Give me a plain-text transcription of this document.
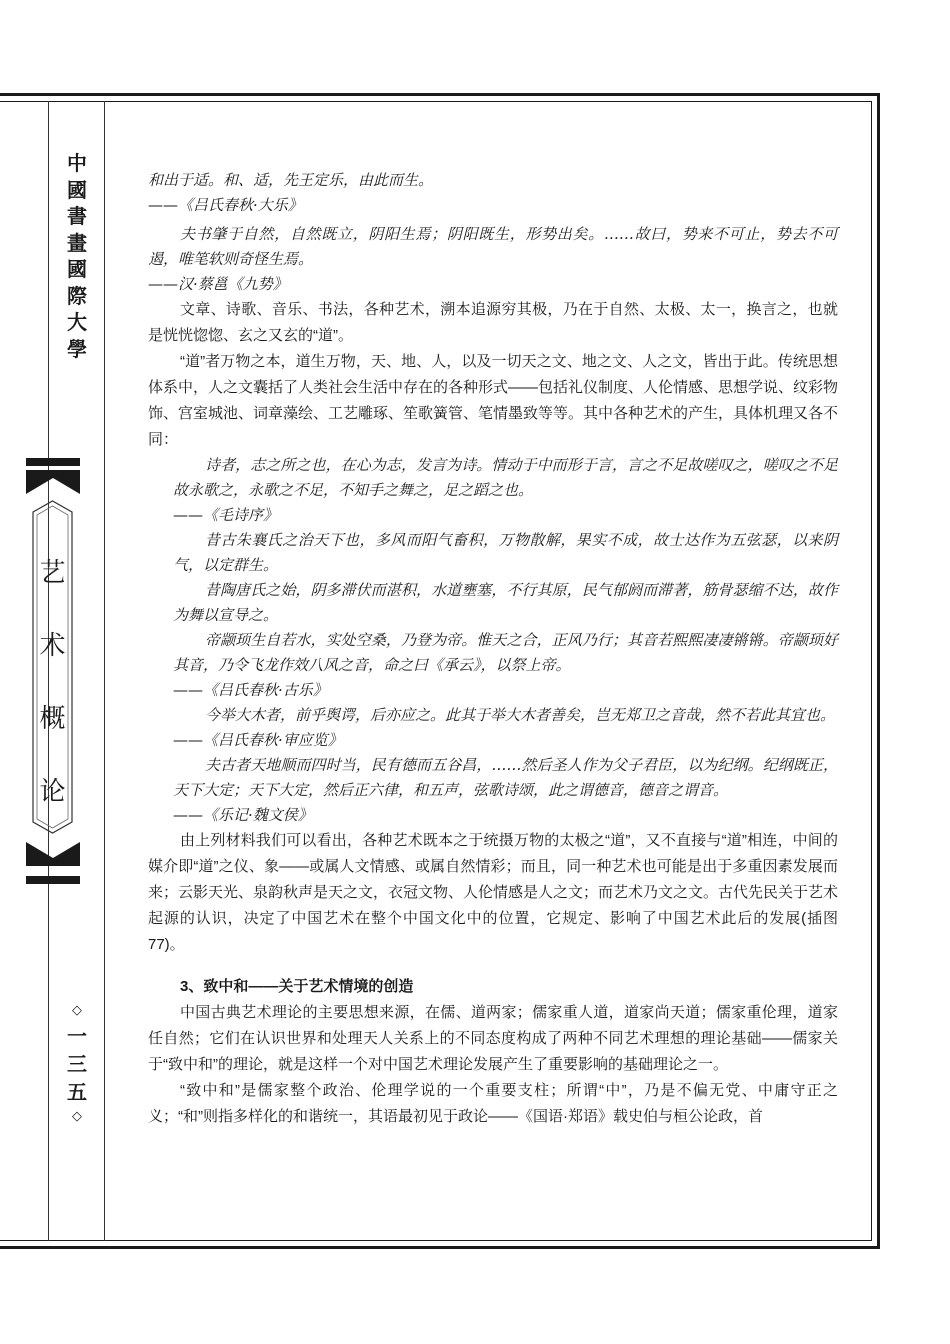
中
國
書
畫
國
際
大
學
艺
术
概
论
◇
一
三
五
◇

和出于适。和、适，先王定乐，由此而生。

——《吕氏春秋·大乐》

夫书肇于自然，自然既立，阴阳生焉；阴阳既生，形势出矣。……故曰，势来不可止，势去不可遏，唯笔软则奇怪生焉。

——汉·蔡邕《九势》

文章、诗歌、音乐、书法，各种艺术，溯本追源穷其极，乃在于自然、太极、太一，换言之，也就是恍恍惚惚、玄之又玄的“道”。

“道”者万物之本，道生万物，天、地、人，以及一切天之文、地之文、人之文，皆出于此。传统思想体系中，人之文囊括了人类社会生活中存在的各种形式——包括礼仪制度、人伦情感、思想学说、纹彩物饰、宫室城池、词章藻绘、工艺雕琢、笙歌簧管、笔情墨致等等。其中各种艺术的产生，具体机理又各不同：

诗者，志之所之也，在心为志，发言为诗。情动于中而形于言，言之不足故嗟叹之，嗟叹之不足故永歌之，永歌之不足，不知手之舞之，足之蹈之也。

——《毛诗序》

昔古朱襄氏之治天下也，多风而阳气畜积，万物散解，果实不成，故士达作为五弦瑟，以来阴气，以定群生。

昔陶唐氏之始，阴多滞伏而湛积，水道壅塞，不行其原，民气郁阏而滞著，筋骨瑟缩不达，故作为舞以宣导之。

帝颛顼生自若水，实处空桑，乃登为帝。惟天之合，正风乃行；其音若熙熙凄凄锵锵。帝颛顼好其音，乃令飞龙作效八风之音，命之曰《承云》，以祭上帝。

——《吕氏春秋·古乐》

今举大木者，前乎舆谔，后亦应之。此其于举大木者善矣，岂无郑卫之音哉，然不若此其宜也。

——《吕氏春秋·审应览》

夫古者天地顺而四时当，民有德而五谷昌，……然后圣人作为父子君臣，以为纪纲。纪纲既正，天下大定；天下大定，然后正六律，和五声，弦歌诗颂，此之谓德音，德音之谓音。

——《乐记·魏文侯》

由上列材料我们可以看出，各种艺术既本之于统摄万物的太极之“道”，又不直接与“道”相连，中间的媒介即“道”之仪、象——或属人文情感、或属自然情彩；而且，同一种艺术也可能是出于多重因素发展而来；云影天光、泉韵秋声是天之文，衣冠文物、人伦情感是人之文；而艺术乃文之文。古代先民关于艺术起源的认识，决定了中国艺术在整个中国文化中的位置，它规定、影响了中国艺术此后的发展(插图 77)。

3、致中和——关于艺术情境的创造

中国古典艺术理论的主要思想来源，在儒、道两家；儒家重人道，道家尚天道；儒家重伦理，道家任自然；它们在认识世界和处理天人关系上的不同态度构成了两种不同艺术理想的理论基础——儒家关于“致中和”的理论，就是这样一个对中国艺术理论发展产生了重要影响的基础理论之一。

“致中和”是儒家整个政治、伦理学说的一个重要支柱；所谓“中”，乃是不偏无党、中庸守正之义；“和”则指多样化的和谐统一，其语最初见于政论——《国语·郑语》载史伯与桓公论政，首
